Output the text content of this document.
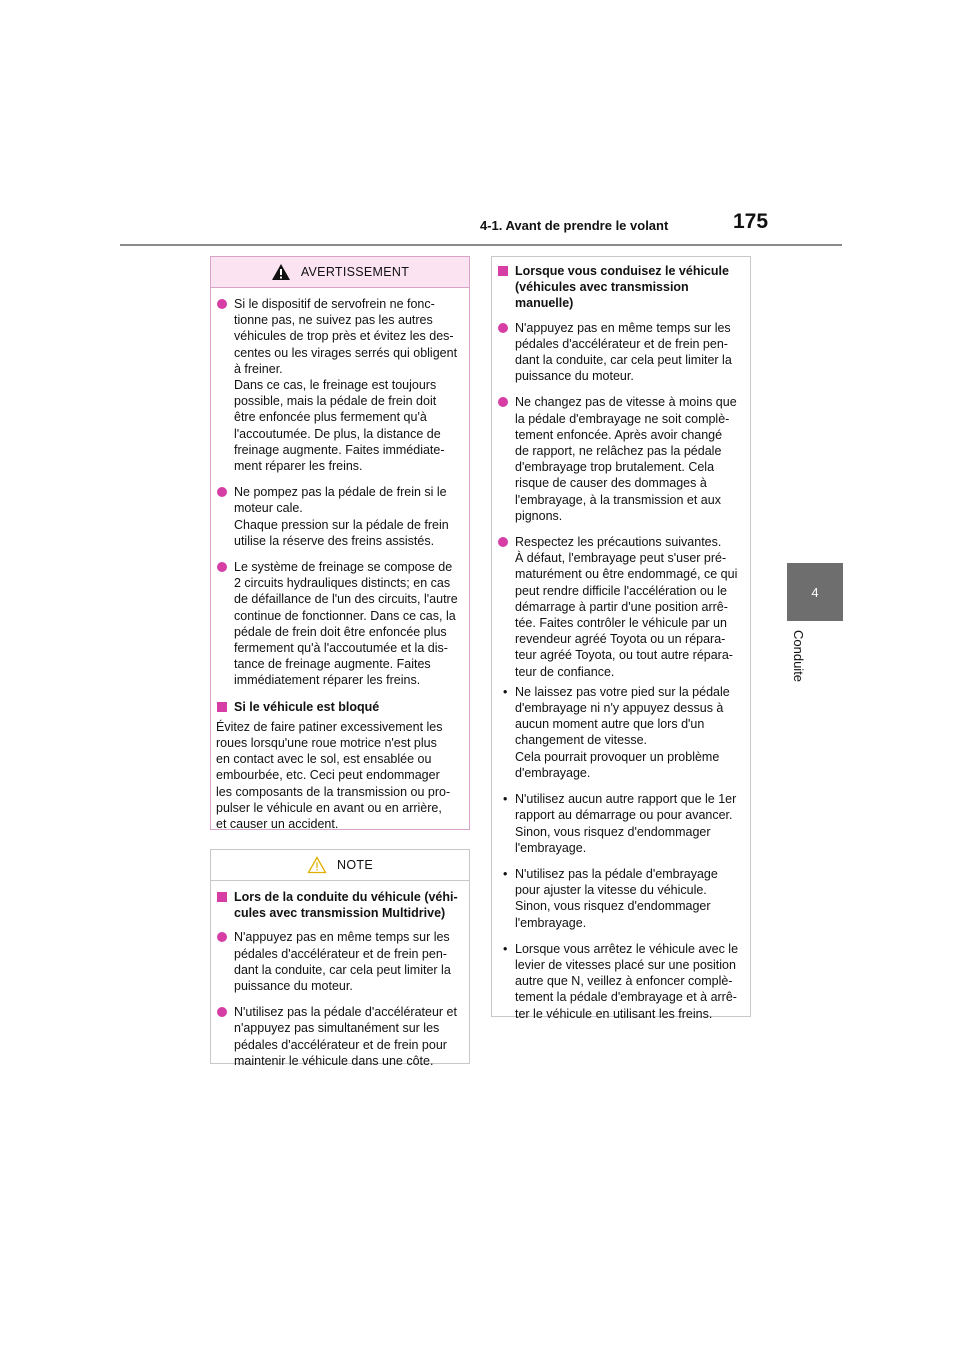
4-1. Avant de prendre le volant	175
4
Conduite
AVERTISSEMENT
Si le dispositif de servofrein ne fonc-
tionne pas, ne suivez pas les autres
véhicules de trop près et évitez les des-
centes ou les virages serrés qui obligent
à freiner.
Dans ce cas, le freinage est toujours
possible, mais la pédale de frein doit
être enfoncée plus fermement qu'à
l'accoutumée. De plus, la distance de
freinage augmente. Faites immédiate-
ment réparer les freins.
Ne pompez pas la pédale de frein si le
moteur cale.
Chaque pression sur la pédale de frein
utilise la réserve des freins assistés.
Le système de freinage se compose de
2 circuits hydrauliques distincts; en cas
de défaillance de l'un des circuits, l'autre
continue de fonctionner. Dans ce cas, la
pédale de frein doit être enfoncée plus
fermement qu'à l'accoutumée et la dis-
tance de freinage augmente. Faites
immédiatement réparer les freins.
Si le véhicule est bloqué
Évitez de faire patiner excessivement les
roues lorsqu'une roue motrice n'est plus
en contact avec le sol, est ensablée ou
embourbée, etc. Ceci peut endommager
les composants de la transmission ou pro-
pulser le véhicule en avant ou en arrière,
et causer un accident.
NOTE
Lors de la conduite du véhicule (véhi-
cules avec transmission Multidrive)
N'appuyez pas en même temps sur les
pédales d'accélérateur et de frein pen-
dant la conduite, car cela peut limiter la
puissance du moteur.
N'utilisez pas la pédale d'accélérateur et
n'appuyez pas simultanément sur les
pédales d'accélérateur et de frein pour
maintenir le véhicule dans une côte.
Lorsque vous conduisez le véhicule
(véhicules avec transmission
manuelle)
N'appuyez pas en même temps sur les
pédales d'accélérateur et de frein pen-
dant la conduite, car cela peut limiter la
puissance du moteur.
Ne changez pas de vitesse à moins que
la pédale d'embrayage ne soit complè-
tement enfoncée. Après avoir changé
de rapport, ne relâchez pas la pédale
d'embrayage trop brutalement. Cela
risque de causer des dommages à
l'embrayage, à la transmission et aux
pignons.
Respectez les précautions suivantes.
À défaut, l'embrayage peut s'user pré-
maturément ou être endommagé, ce qui
peut rendre difficile l'accélération ou le
démarrage à partir d'une position arrê-
tée. Faites contrôler le véhicule par un
revendeur agréé Toyota ou un répara-
teur agréé Toyota, ou tout autre répara-
teur de confiance.
• Ne laissez pas votre pied sur la pédale
d'embrayage ni n'y appuyez dessus à
aucun moment autre que lors d'un
changement de vitesse.
Cela pourrait provoquer un problème
d'embrayage.
• N'utilisez aucun autre rapport que le 1er
rapport au démarrage ou pour avancer.
Sinon, vous risquez d'endommager
l'embrayage.
• N'utilisez pas la pédale d'embrayage
pour ajuster la vitesse du véhicule.
Sinon, vous risquez d'endommager
l'embrayage.
• Lorsque vous arrêtez le véhicule avec le
levier de vitesses placé sur une position
autre que N, veillez à enfoncer complè-
tement la pédale d'embrayage et à arrê-
ter le véhicule en utilisant les freins.
